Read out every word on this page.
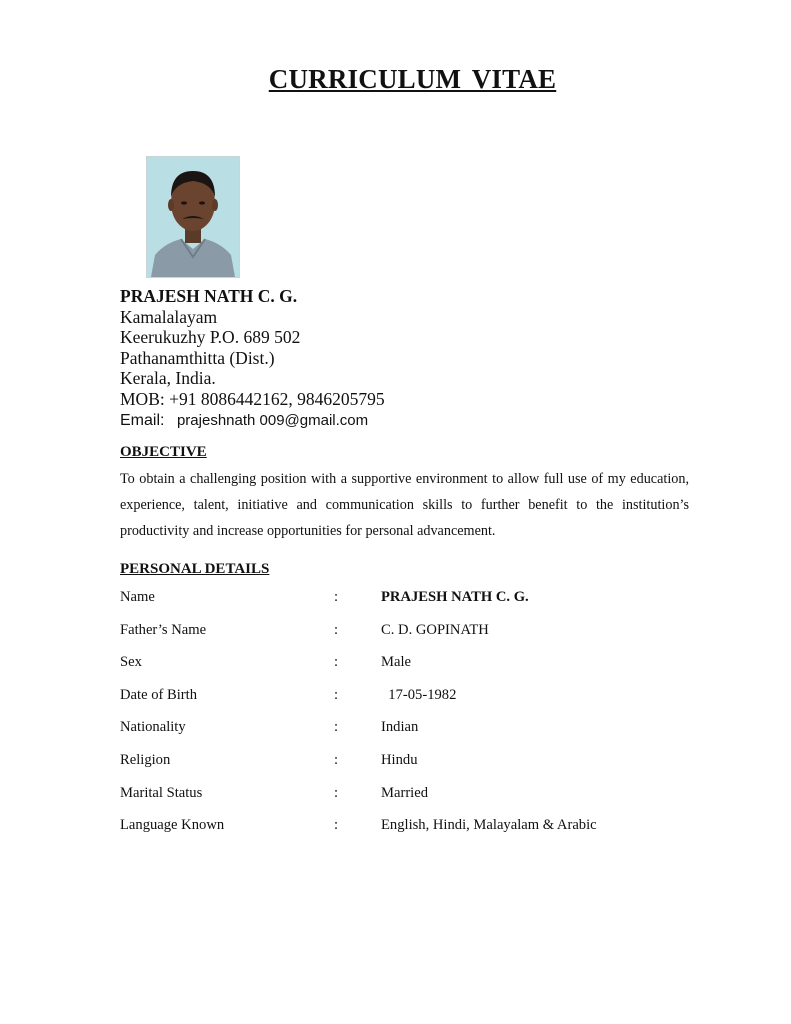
CURRICULUM VITAE
PRAJESH NATH C. G.
Kamalalayam
Keerukuzhy P.O. 689 502
Pathanamthitta (Dist.)
Kerala, India.
MOB: +91 8086442162, 9846205795
Email: prajeshnath 009@gmail.com
OBJECTIVE
To obtain a challenging position with a supportive environment to allow full use of my education, experience, talent, initiative and communication skills to further benefit to the institution’s productivity and increase opportunities for personal advancement.
PERSONAL DETAILS
Name	:	PRAJESH NATH C. G.
Father’s Name	:	C. D. GOPINATH
Sex	:	Male
Date of Birth	:	17-05-1982
Nationality	:	Indian
Religion	:	Hindu
Marital Status	:	Married
Language Known	:	English, Hindi, Malayalam & Arabic
